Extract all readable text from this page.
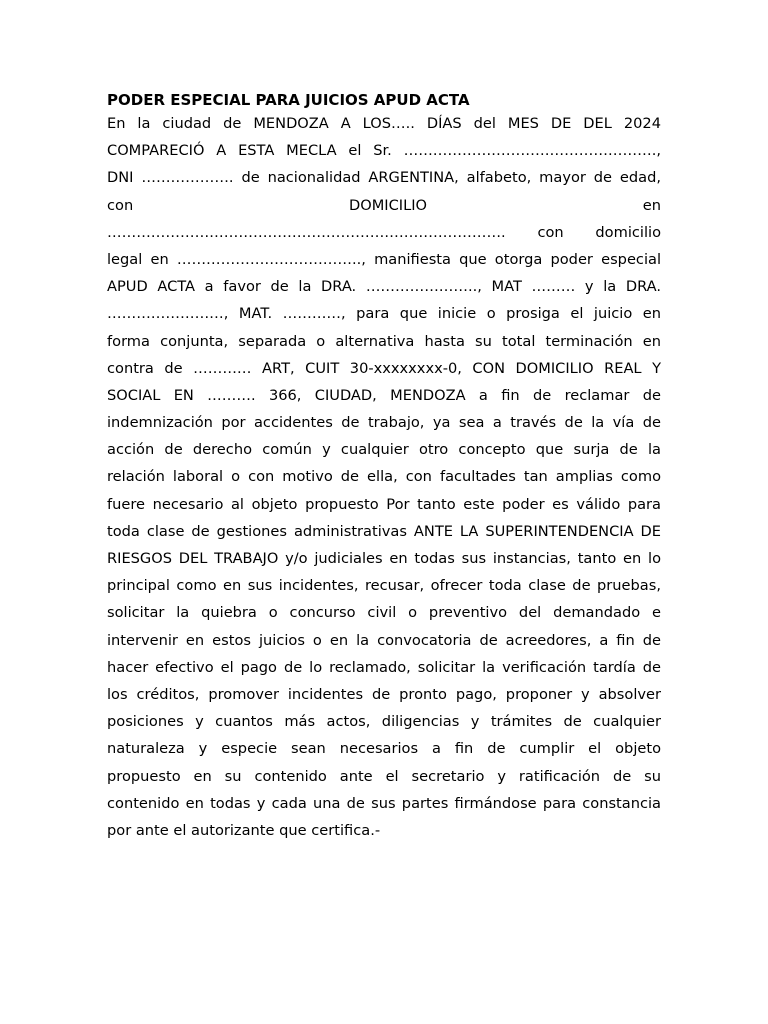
PODER ESPECIAL PARA JUICIOS APUD ACTA
En la ciudad de MENDOZA A LOS….. DÍAS del MES DE DEL 2024
COMPARECIÓ A ESTA MECLA el Sr. …………………………………………….,
DNI ………………. de nacionalidad ARGENTINA, alfabeto, mayor de edad,
con DOMICILIO en
………………………………………………………………………. con domicilio
legal en ……………………………….., manifiesta que otorga poder especial
APUD ACTA a favor de la DRA. ………………….., MAT ……… y la DRA.
……………………, MAT. …………, para que inicie o prosiga el juicio en
forma conjunta, separada o alternativa hasta su total terminación en
contra de ………… ART, CUIT 30-xxxxxxxx-0, CON DOMICILIO REAL Y
SOCIAL EN ………. 366, CIUDAD, MENDOZA a fin de reclamar de
indemnización por accidentes de trabajo, ya sea a través de la vía de
acción de derecho común y cualquier otro concepto que surja de la
relación laboral o con motivo de ella, con facultades tan amplias como
fuere necesario al objeto propuesto Por tanto este poder es válido para
toda clase de gestiones administrativas ANTE LA SUPERINTENDENCIA DE
RIESGOS DEL TRABAJO y/o judiciales en todas sus instancias, tanto en lo
principal como en sus incidentes, recusar, ofrecer toda clase de pruebas,
solicitar la quiebra o concurso civil o preventivo del demandado e
intervenir en estos juicios o en la convocatoria de acreedores, a fin de
hacer efectivo el pago de lo reclamado, solicitar la verificación tardía de
los créditos, promover incidentes de pronto pago, proponer y absolver
posiciones y cuantos más actos, diligencias y trámites de cualquier
naturaleza y especie sean necesarios a fin de cumplir el objeto
propuesto en su contenido ante el secretario y ratificación de su
contenido en todas y cada una de sus partes firmándose para constancia
por ante el autorizante que certifica.-
